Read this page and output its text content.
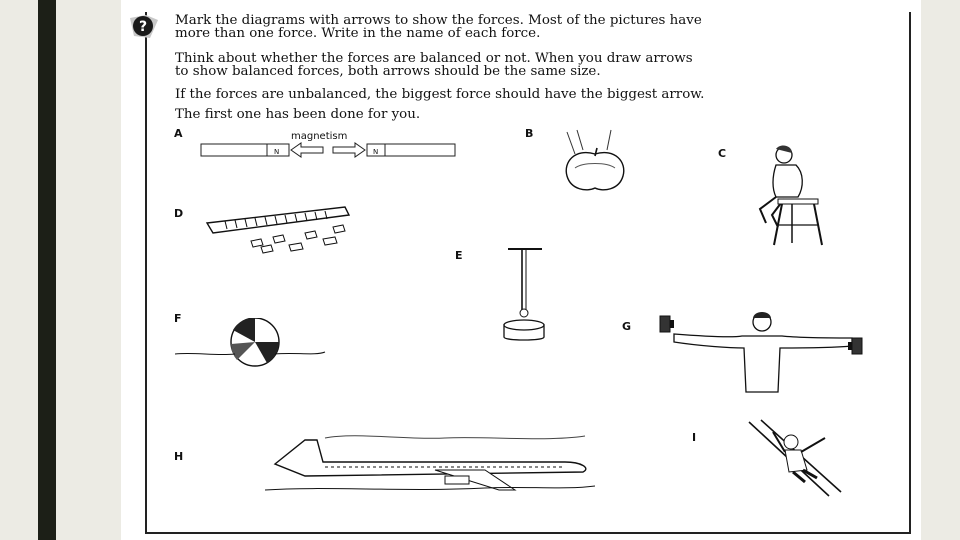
? Mark the diagrams with arrows to show the forces. Most of the pictures have

more than one force. Write in the name of each force.

Think about whether the forces are balanced or not. When you draw arrows

to show balanced forces, both arrows should be the same size.

If the forces are unbalanced, the biggest force should have the biggest arrow.

The first one has been done for you.

A	B
C
D
E
F
G
H
I
magnetism
N	N
